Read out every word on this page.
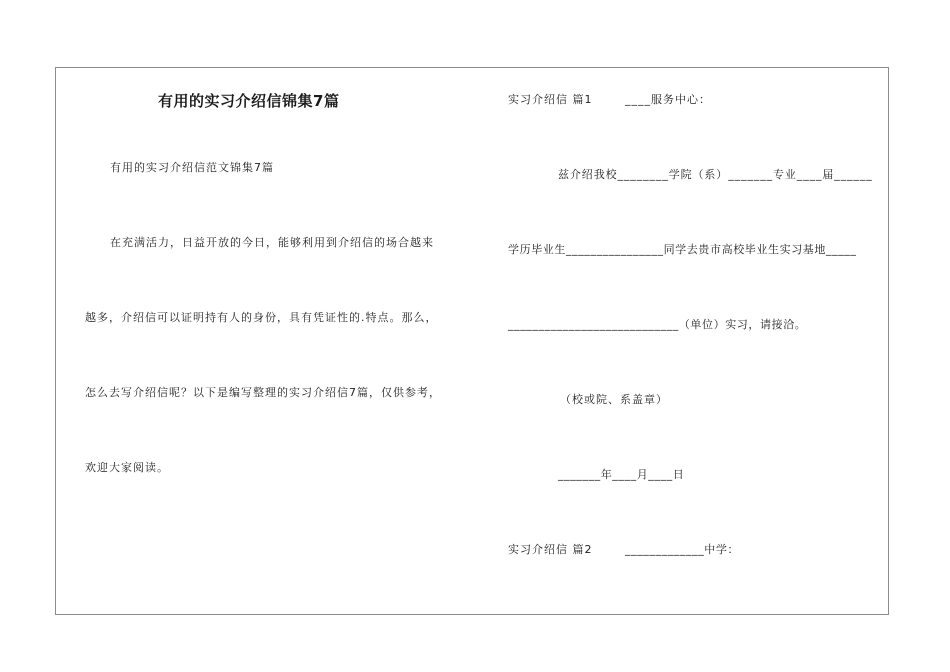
有用的实习介绍信锦集7篇
有用的实习介绍信范文锦集7篇
在充满活力，日益开放的今日，能够利用到介绍信的场合越来
越多，介绍信可以证明持有人的身份，具有凭证性的.特点。那么，
怎么去写介绍信呢？以下是编写整理的实习介绍信7篇，仅供参考，
欢迎大家阅读。
实习介绍信 篇1	____服务中心：
兹介绍我校________学院（系）_______专业____届______
学历毕业生________________同学去贵市高校毕业生实习基地_____
____________________________（单位）实习，请接洽。
（校或院、系盖章）
_______年____月____日
实习介绍信 篇2	_____________中学：
